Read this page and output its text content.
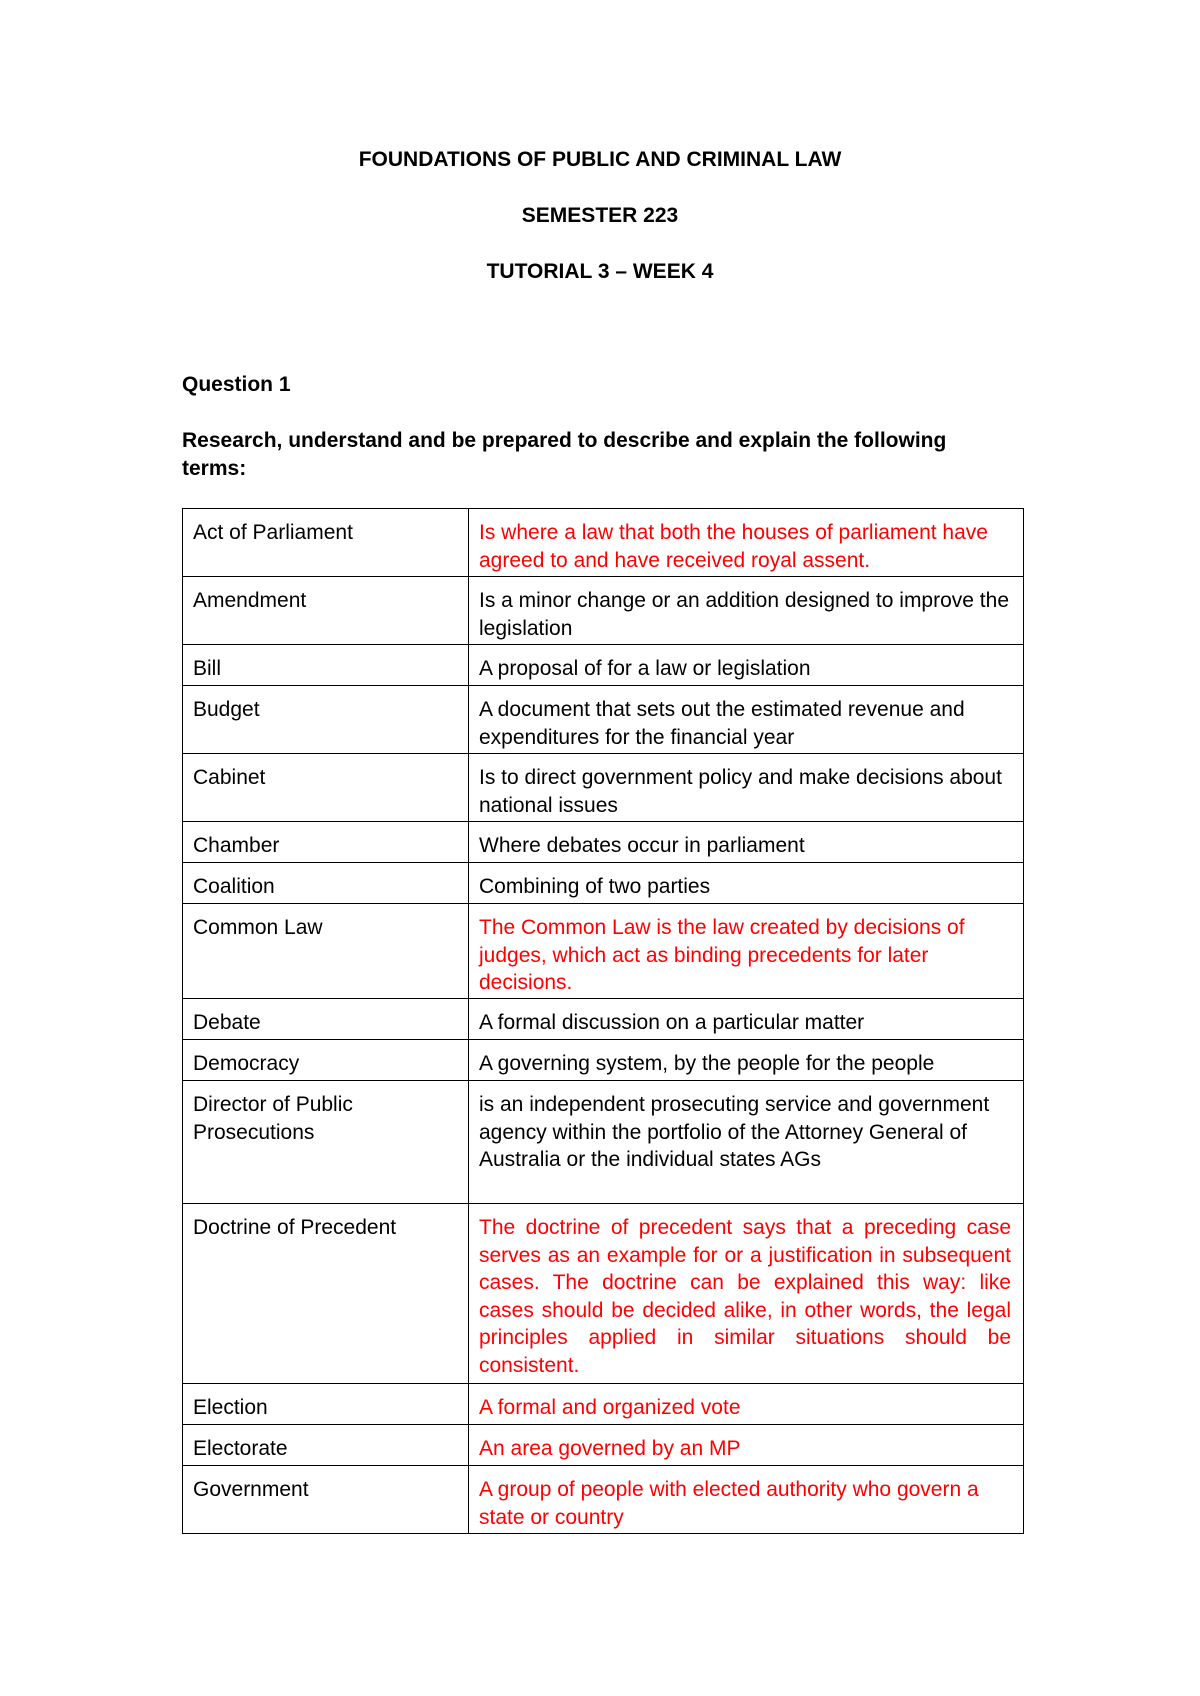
FOUNDATIONS OF PUBLIC AND CRIMINAL LAW
SEMESTER 223
TUTORIAL 3 – WEEK 4
Question 1
Research, understand and be prepared to describe and explain the following terms:
Act of Parliament	Is where a law that both the houses of parliament have agreed to and have received royal assent.
Amendment	Is a minor change or an addition designed to improve the legislation
Bill	A proposal of for a law or legislation
Budget	A document that sets out the estimated revenue and expenditures for the financial year
Cabinet	Is to direct government policy and make decisions about national issues
Chamber	Where debates occur in parliament
Coalition	Combining of two parties
Common Law	The Common Law is the law created by decisions of judges, which act as binding precedents for later decisions.
Debate	A formal discussion on a particular matter
Democracy	A governing system, by the people for the people
Director of Public Prosecutions	is an independent prosecuting service and government agency within the portfolio of the Attorney General of Australia or the individual states AGs
Doctrine of Precedent	The doctrine of precedent says that a preceding case serves as an example for or a justification in subsequent cases. The doctrine can be explained this way: like cases should be decided alike, in other words, the legal principles applied in similar situations should be consistent.
Election	A formal and organized vote
Electorate	An area governed by an MP
Government	A group of people with elected authority who govern a state or country
